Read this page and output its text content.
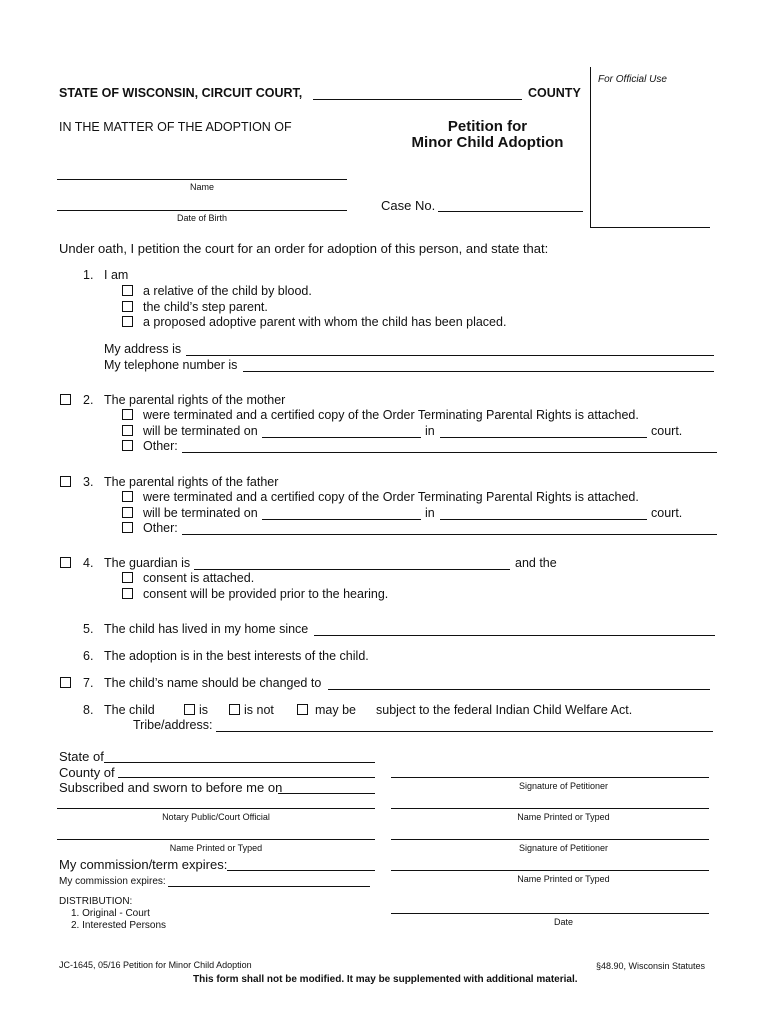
For Official Use
STATE OF WISCONSIN, CIRCUIT COURT,	COUNTY
IN THE MATTER OF THE ADOPTION OF	Petition for
Minor Child Adoption
Name
Date of Birth
Case No.
Under oath, I petition the court for an order for adoption of this person, and state that:
1. I am
a relative of the child by blood.
the child’s step parent.
a proposed adoptive parent with whom the child has been placed.
My address is
My telephone number is
2. The parental rights of the mother
were terminated and a certified copy of the Order Terminating Parental Rights is attached.
will be terminated on	in	court.
Other:
3. The parental rights of the father
were terminated and a certified copy of the Order Terminating Parental Rights is attached.
will be terminated on	in	court.
Other:
4. The guardian is	and the
consent is attached.
consent will be provided prior to the hearing.
5. The child has lived in my home since
6. The adoption is in the best interests of the child.
7. The child’s name should be changed to
8. The child	is	is not	may be subject to the federal Indian Child Welfare Act.
Tribe/address:
State of
County of
Subscribed and sworn to before me on
Notary Public/Court Official
Name Printed or Typed
My commission/term expires:
My commission expires:
Signature of Petitioner
Name Printed or Typed
Signature of Petitioner
Name Printed or Typed
Date
DISTRIBUTION:
1. Original - Court
2. Interested Persons
JC-1645, 05/16 Petition for Minor Child Adoption	§48.90, Wisconsin Statutes
This form shall not be modified. It may be supplemented with additional material.
